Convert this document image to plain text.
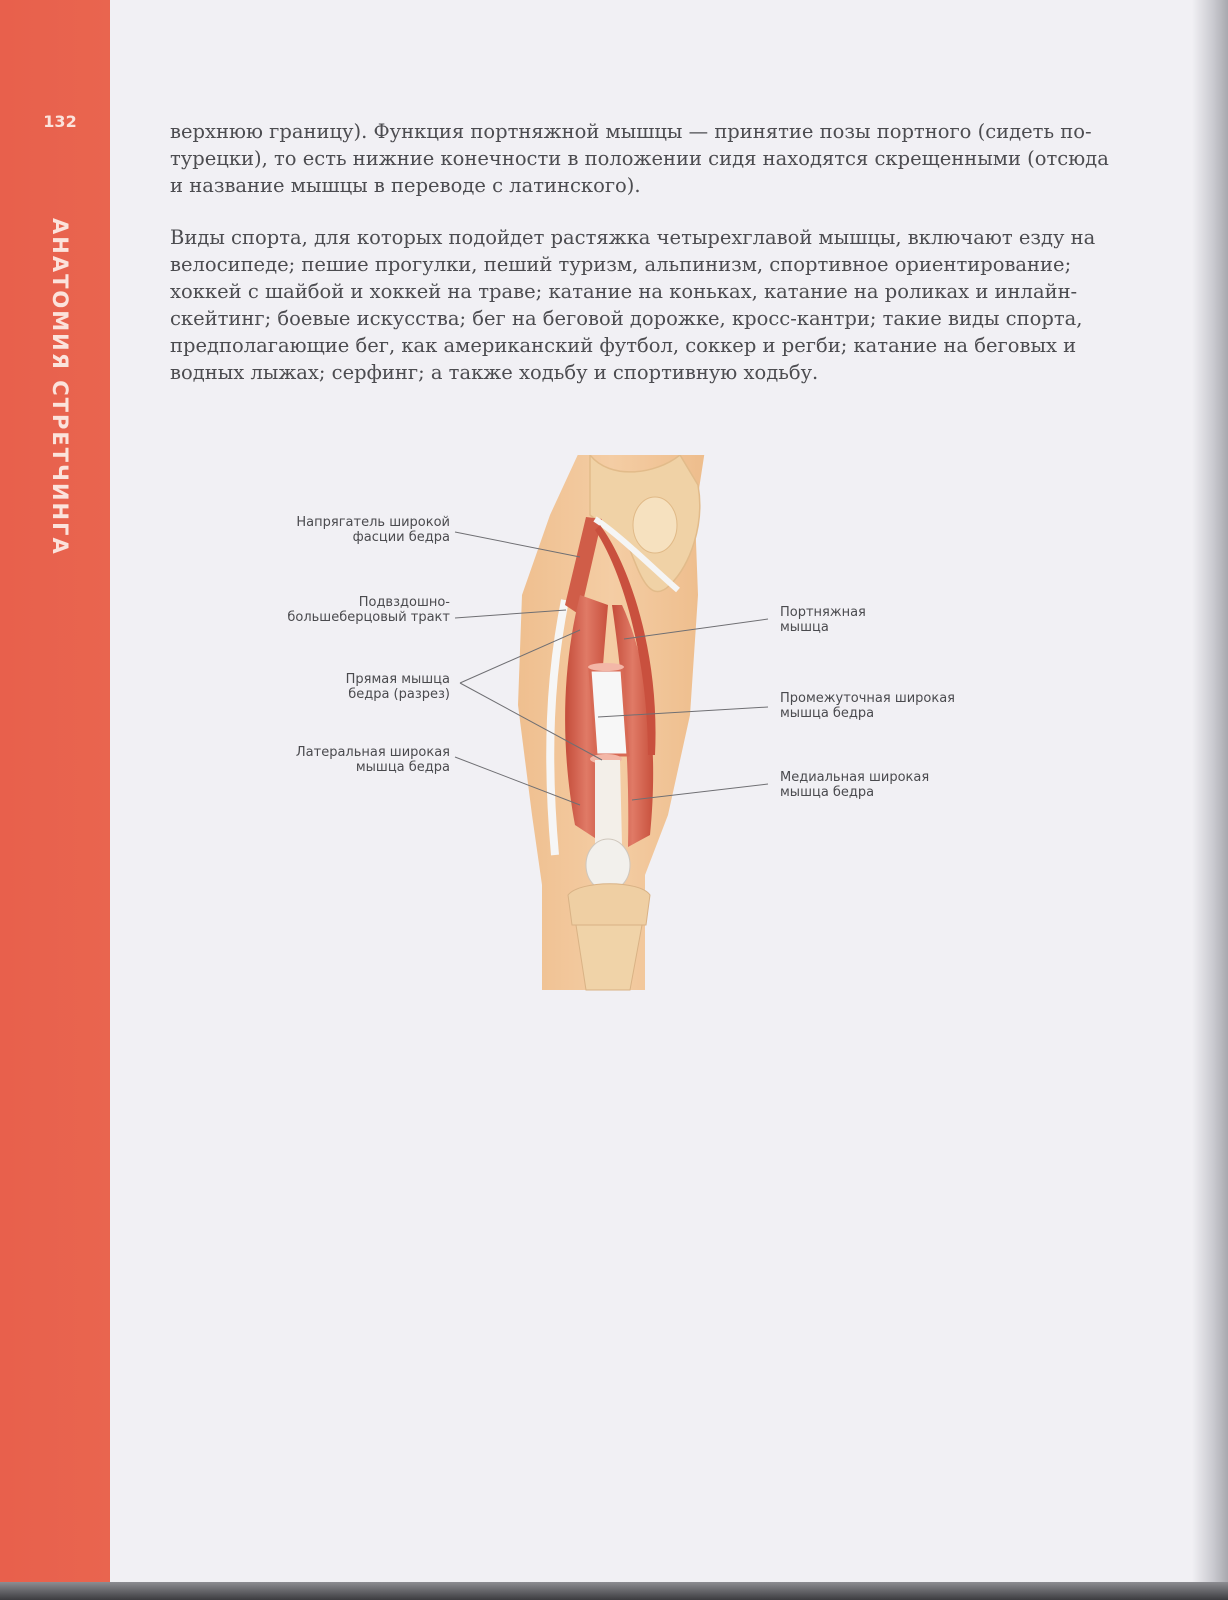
132
АНАТОМИЯ СТРЕТЧИНГА

верхнюю границу). Функция портняжной мышцы — принятие позы портного (сидеть по-турецки), то есть нижние конечности в положении сидя находятся скрещенными (отсюда и название мышцы в переводе с латинского).

Виды спорта, для которых подойдет растяжка четырехглавой мышцы, включают езду на велосипеде; пешие прогулки, пеший туризм, альпинизм, спортивное ориентирование; хоккей с шайбой и хоккей на траве; катание на коньках, катание на роликах и инлайн-скейтинг; боевые искусства; бег на беговой дорожке, кросс-кантри; такие виды спорта, предполагающие бег, как американский футбол, соккер и регби; катание на беговых и водных лыжах; серфинг; а также ходьбу и спортивную ходьбу.

Напрягатель широкой
фасции бедра
Подвздошно-
большеберцовый тракт
Прямая мышца
бедра (разрез)
Латеральная широкая
мышца бедра
Портняжная
мышца
Промежуточная широкая
мышца бедра
Медиальная широкая
мышца бедра
